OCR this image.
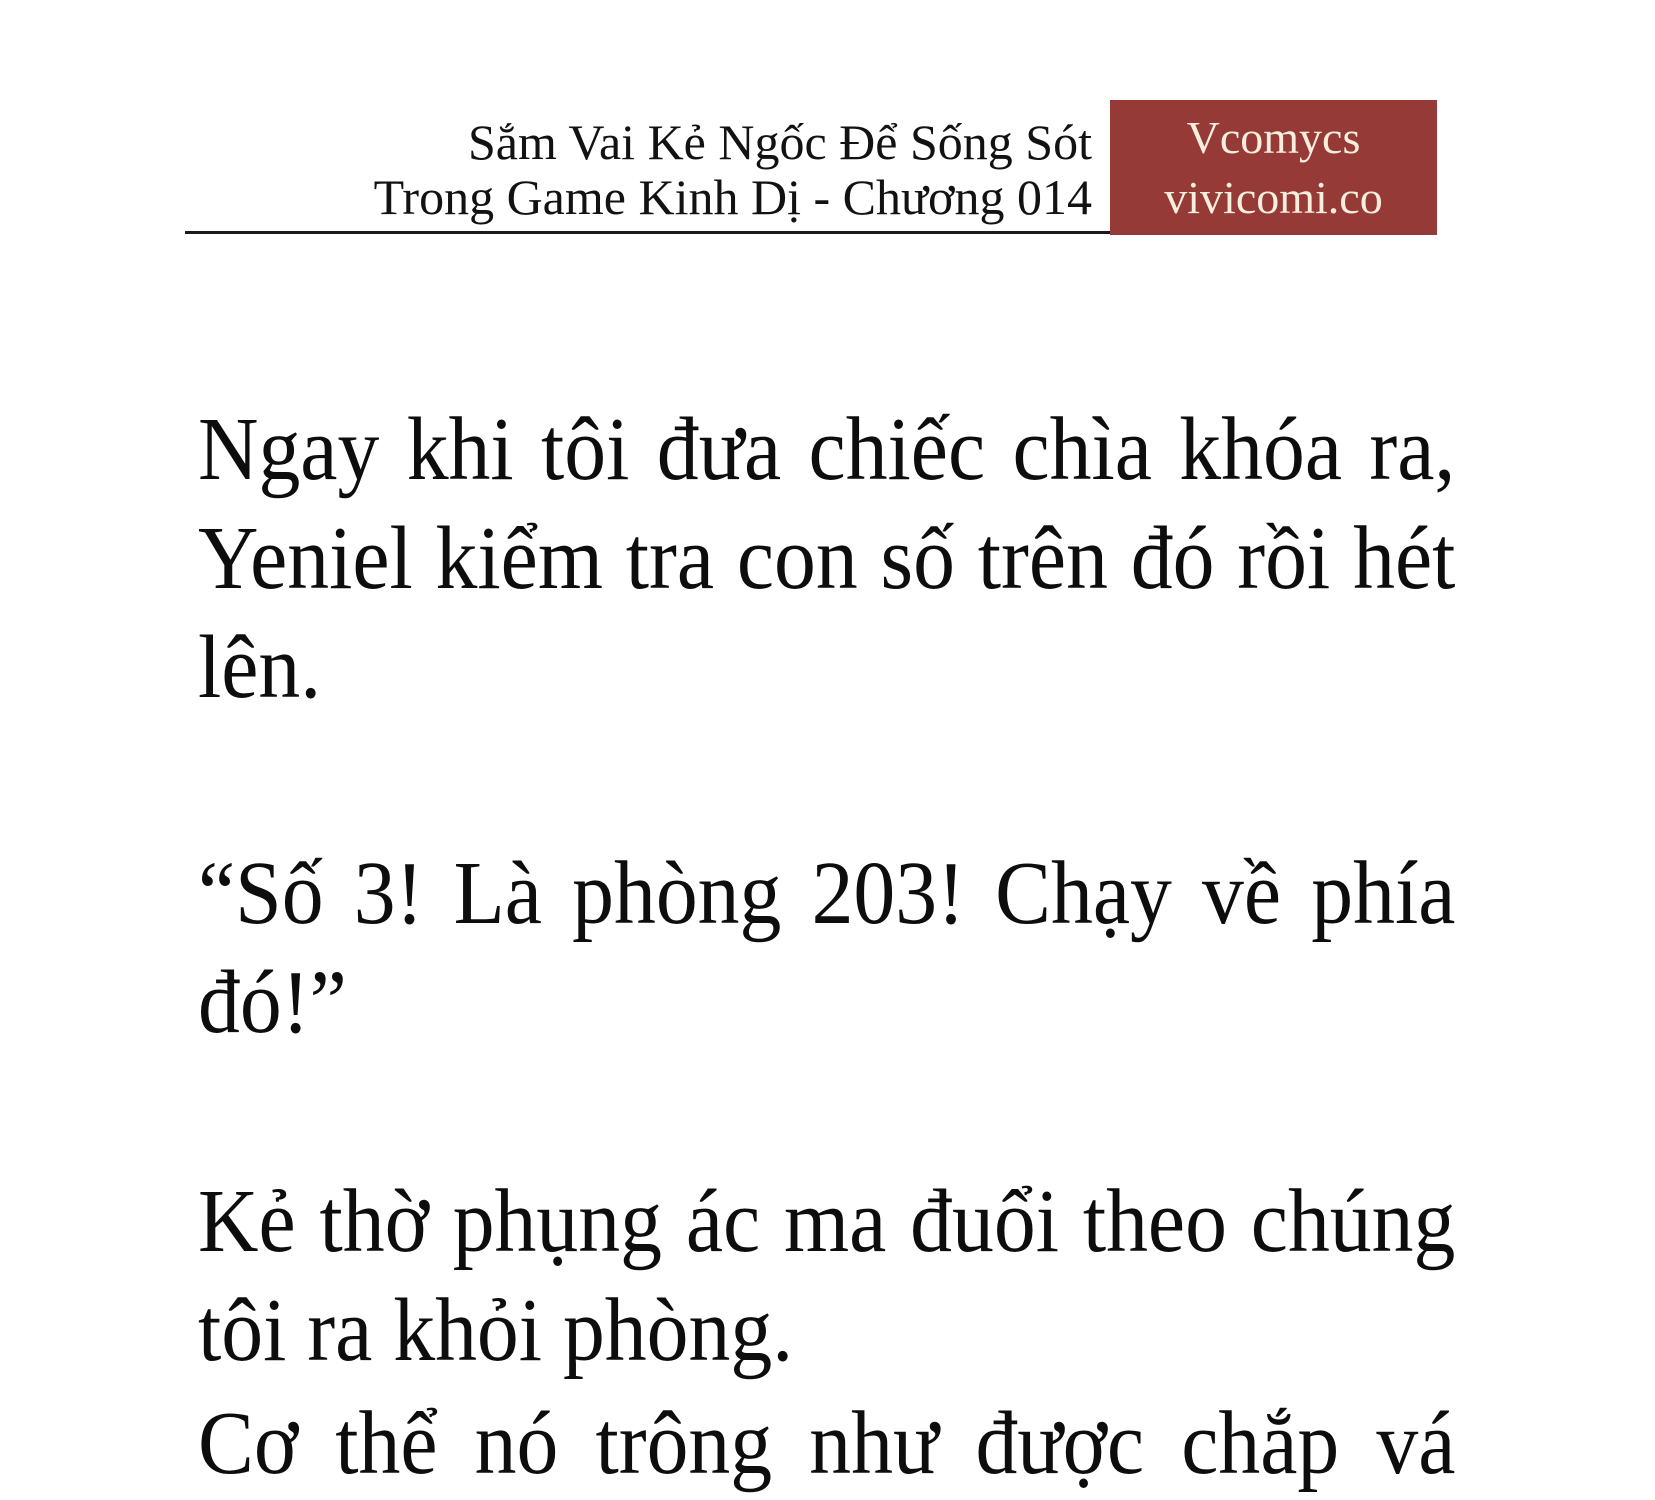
Sắm Vai Kẻ Ngốc Để Sống Sót
Trong Game Kinh Dị - Chương 014
Vcomycs
vivicomi.co
Ngay khi tôi đưa chiếc chìa khóa ra,
Yeniel kiểm tra con số trên đó rồi hét
lên.
“Số 3! Là phòng 203! Chạy về phía
đó!”
Kẻ thờ phụng ác ma đuổi theo chúng
tôi ra khỏi phòng.
Cơ thể nó trông như được chắp vá
